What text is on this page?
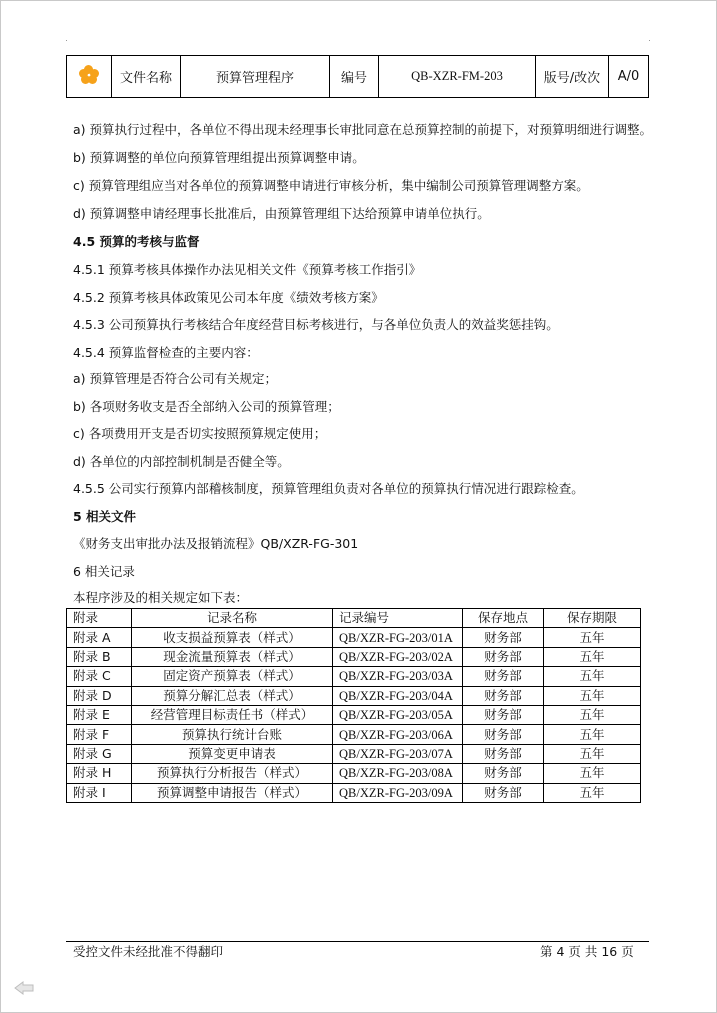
	文件名称	预算管理程序	编号	QB-XZR-FM-203	版号/改次	A/0
a) 预算执行过程中，各单位不得出现未经理事长审批同意在总预算控制的前提下，对预算明细进行调整。
b) 预算调整的单位向预算管理组提出预算调整申请。
c) 预算管理组应当对各单位的预算调整申请进行审核分析，集中编制公司预算管理调整方案。
d) 预算调整申请经理事长批准后，由预算管理组下达给预算申请单位执行。
4.5 预算的考核与监督
4.5.1 预算考核具体操作办法见相关文件《预算考核工作指引》
4.5.2 预算考核具体政策见公司本年度《绩效考核方案》
4.5.3 公司预算执行考核结合年度经营目标考核进行，与各单位负责人的效益奖惩挂钩。
4.5.4 预算监督检查的主要内容：
a) 预算管理是否符合公司有关规定；
b) 各项财务收支是否全部纳入公司的预算管理；
c) 各项费用开支是否切实按照预算规定使用；
d) 各单位的内部控制机制是否健全等。
4.5.5 公司实行预算内部稽核制度，预算管理组负责对各单位的预算执行情况进行跟踪检查。
5 相关文件
《财务支出审批办法及报销流程》QB/XZR-FG-301
6 相关记录
本程序涉及的相关规定如下表：
附录	记录名称	记录编号	保存地点	保存期限
附录 A	收支损益预算表（样式）	QB/XZR-FG-203/01A	财务部	五年
附录 B	现金流量预算表（样式）	QB/XZR-FG-203/02A	财务部	五年
附录 C	固定资产预算表（样式）	QB/XZR-FG-203/03A	财务部	五年
附录 D	预算分解汇总表（样式）	QB/XZR-FG-203/04A	财务部	五年
附录 E	经营管理目标责任书（样式）	QB/XZR-FG-203/05A	财务部	五年
附录 F	预算执行统计台账	QB/XZR-FG-203/06A	财务部	五年
附录 G	预算变更申请表	QB/XZR-FG-203/07A	财务部	五年
附录 H	预算执行分析报告（样式）	QB/XZR-FG-203/08A	财务部	五年
附录 I	预算调整申请报告（样式）	QB/XZR-FG-203/09A	财务部	五年
受控文件未经批准不得翻印	第 4 页 共 16 页
